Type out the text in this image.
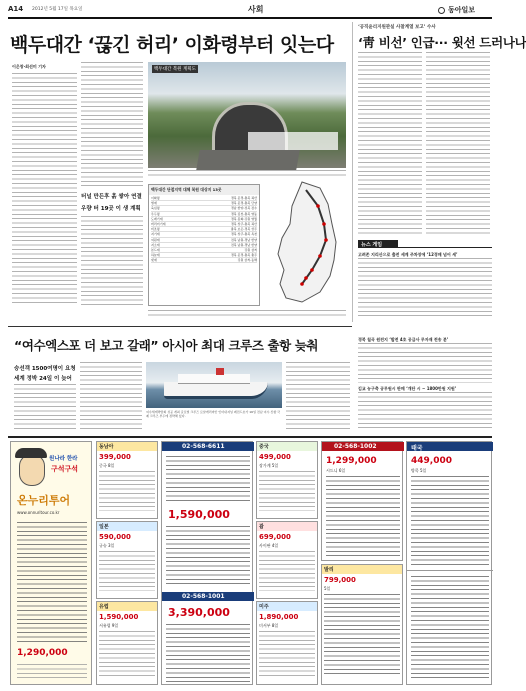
A14 2012년 5월 17일 목요일	사회	동아일보
백두대간 ‘끊긴 허리’ 이화령부터 잇는다
‘공직윤리지원관실 사찰계열 보고’ 수사
‘靑 비선’ 인급··· 윗선 드러나나
이은창·최선미 기자
터널 만든후 흙 쌓아 연결
우량 터 19곳 이 생 계획
백두대간 복원 계획도
백두대간 단절지역 대체 복원 대상지 13곳
이화령	경북 문경-충북 괴산
벌재	경북 문경-충북 단양
육십령	경남 함양-전북 장수
우두령	경북 김천-충북 영동
도래기재	경북 봉화-강원 영월
버리미기재	경북 상주-충북 괴산
비조령	충북 보은-경북 상주
지기재	경북 상주-충북 옥천
여원재	전북 남원-경남 함양
지소재	전북 남원-경남 함양
본드재	강원 삼척
하늘재	경북 문경-충북 충주
댓재	강원 삼척-동해
뉴스 게임
고려존 지리산으로 출전 세계 주차장에 ‘12경매 넘어 세’
경북 칠곡 원전지 ‘발전 4호 공급사 무자재 전송 분’
김교 농구축 공무원시 판매 ‘개단 시 ~ 1800만원 지원’
“여수엑스포 더 보고 갈래” 아시아 최대 크루즈 출항 늦춰
승선객 1500여명이 요청
세계 정박 24일 이 늦어
여수세계박람회 성공 개최 글로벌 크루즈 로얄캐리비안 인터내셔널 레전드호가 16일 전남 여수 신항 국제 크루즈 부두에 정박해 있다.
원나라 한라
구석구석
온누리투어
www.onnuritour.co.kr
1,290,000
동남아
399,000
중국 8일
일본
590,000
규슈 3일
유럽
1,590,000
서유럽 9일
02-568-6611
1,590,000
02-568-1001
3,390,000
중국
499,000
장가계 5일
괌
699,000
사이판 4일
미주
1,890,000
미서부 8일
02-568-1002
1,299,000
시드니 6일
발리
799,000
5일
태국
449,000
방콕 5일
